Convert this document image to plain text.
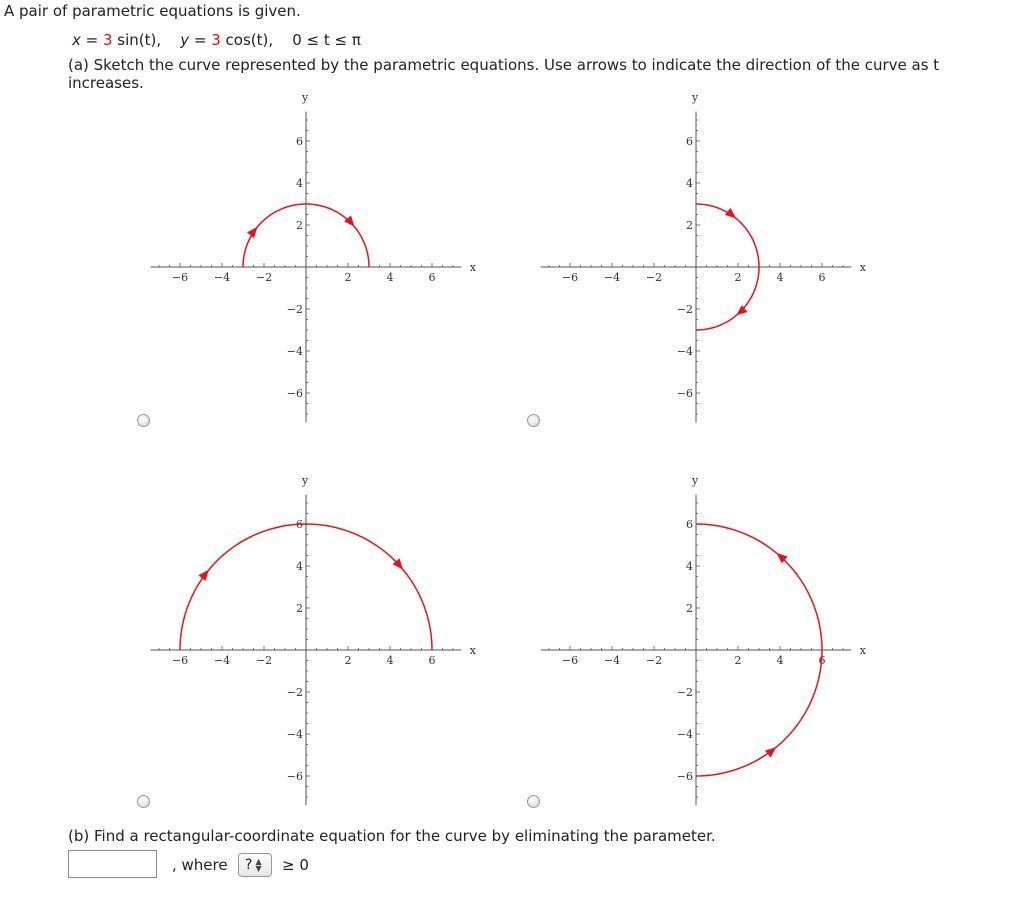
A pair of parametric equations is given.
x = 3 sin(t), y = 3 cos(t), 0 ≤ t ≤ π
(a) Sketch the curve represented by the parametric equations. Use arrows to indicate the direction of the curve as t increases.
−6
−6
−4
−4
−2
−2
2
2
4
4
6
6
x
y
−6
−6
−4
−4
−2
−2
2
2
4
4
6
6
x
y
−6
−6
−4
−4
−2
−2
2
2
4
4
6
6
x
y
−6
−6
−4
−4
−2
−2
2
2
4
4
6
6
x
y
(b) Find a rectangular-coordinate equation for the curve by eliminating the parameter.
, where ? ▲
▼ ≥ 0
